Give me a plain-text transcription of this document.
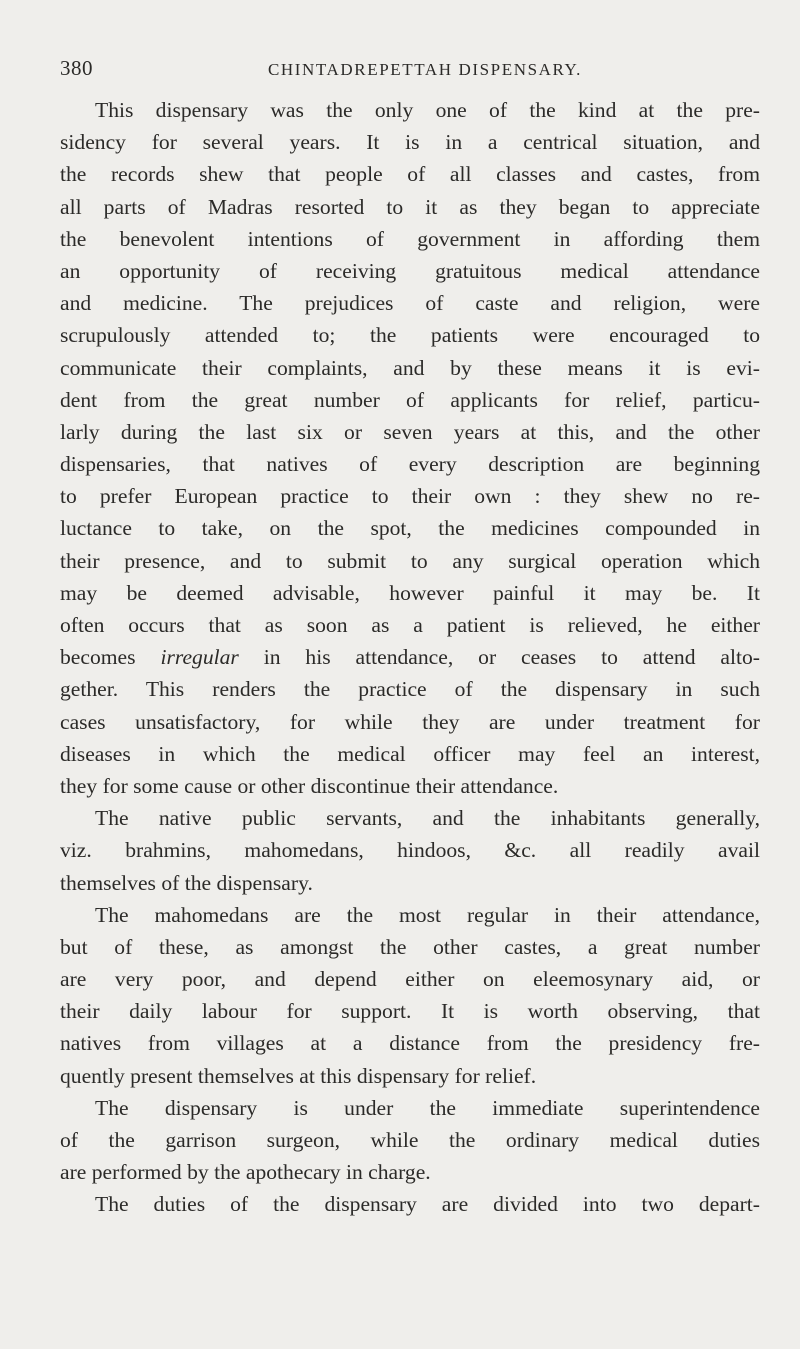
380	CHINTADREPETTAH DISPENSARY.
This dispensary was the only one of the kind at the pre-
sidency for several years. It is in a centrical situation, and
the records shew that people of all classes and castes, from
all parts of Madras resorted to it as they began to appreciate
the benevolent intentions of government in affording them
an opportunity of receiving gratuitous medical attendance
and medicine. The prejudices of caste and religion, were
scrupulously attended to; the patients were encouraged to
communicate their complaints, and by these means it is evi-
dent from the great number of applicants for relief, particu-
larly during the last six or seven years at this, and the other
dispensaries, that natives of every description are beginning
to prefer European practice to their own : they shew no re-
luctance to take, on the spot, the medicines compounded in
their presence, and to submit to any surgical operation which
may be deemed advisable, however painful it may be. It
often occurs that as soon as a patient is relieved, he either
becomes irregular in his attendance, or ceases to attend alto-
gether. This renders the practice of the dispensary in such
cases unsatisfactory, for while they are under treatment for
diseases in which the medical officer may feel an interest,
they for some cause or other discontinue their attendance.
The native public servants, and the inhabitants generally,
viz. brahmins, mahomedans, hindoos, &c. all readily avail
themselves of the dispensary.
The mahomedans are the most regular in their attendance,
but of these, as amongst the other castes, a great number
are very poor, and depend either on eleemosynary aid, or
their daily labour for support. It is worth observing, that
natives from villages at a distance from the presidency fre-
quently present themselves at this dispensary for relief.
The dispensary is under the immediate superintendence
of the garrison surgeon, while the ordinary medical duties
are performed by the apothecary in charge.
The duties of the dispensary are divided into two depart-
